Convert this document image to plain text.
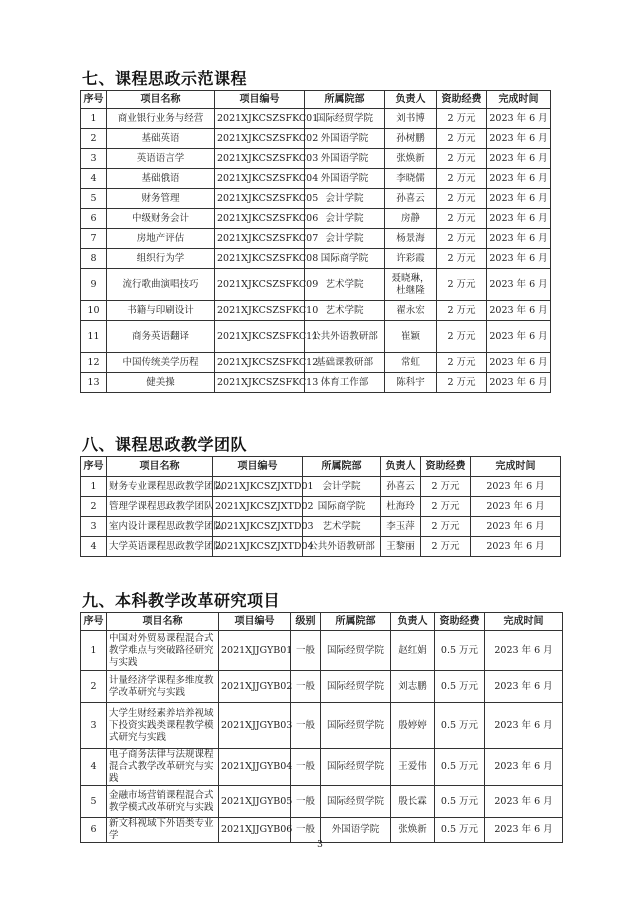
七、课程思政示范课程
序号	项目名称	项目编号	所属院部	负责人	资助经费	完成时间
1	商业银行业务与经营	2021XJKCSZSFKC01	国际经贸学院	刘书博	2 万元	2023 年 6 月
2	基础英语	2021XJKCSZSFKC02	外国语学院	孙树鹏	2 万元	2023 年 6 月
3	英语语言学	2021XJKCSZSFKC03	外国语学院	张焕新	2 万元	2023 年 6 月
4	基础俄语	2021XJKCSZSFKC04	外国语学院	李晓儒	2 万元	2023 年 6 月
5	财务管理	2021XJKCSZSFKC05	会计学院	孙喜云	2 万元	2023 年 6 月
6	中级财务会计	2021XJKCSZSFKC06	会计学院	房静	2 万元	2023 年 6 月
7	房地产评估	2021XJKCSZSFKC07	会计学院	杨景海	2 万元	2023 年 6 月
8	组织行为学	2021XJKCSZSFKC08	国际商学院	许彩霞	2 万元	2023 年 6 月
9	流行歌曲演唱技巧	2021XJKCSZSFKC09	艺术学院	聂晓琳，杜继隆	2 万元	2023 年 6 月
10	书籍与印刷设计	2021XJKCSZSFKC10	艺术学院	翟永宏	2 万元	2023 年 6 月
11	商务英语翻译	2021XJKCSZSFKC11	公共外语教研部	崔颖	2 万元	2023 年 6 月
12	中国传统美学历程	2021XJKCSZSFKC12	基础课教研部	常虹	2 万元	2023 年 6 月
13	健美操	2021XJKCSZSFKC13	体育工作部	陈科宇	2 万元	2023 年 6 月
八、课程思政教学团队
序号	项目名称	项目编号	所属院部	负责人	资助经费	完成时间
1	财务专业课程思政教学团队	2021XJKCSZJXTD01	会计学院	孙喜云	2 万元	2023 年 6 月
2	管理学课程思政教学团队	2021XJKCSZJXTD02	国际商学院	杜海玲	2 万元	2023 年 6 月
3	室内设计课程思政教学团队	2021XJKCSZJXTD03	艺术学院	李玉萍	2 万元	2023 年 6 月
4	大学英语课程思政教学团队	2021XJKCSZJXTD04	公共外语教研部	王黎丽	2 万元	2023 年 6 月
九、本科教学改革研究项目
序号	项目名称	项目编号	级别	所属院部	负责人	资助经费	完成时间
1	中国对外贸易课程混合式教学难点与突破路径研究与实践	2021XJJGYB01	一般	国际经贸学院	赵红娟	0.5 万元	2023 年 6 月
2	计量经济学课程多维度教学改革研究与实践	2021XJJGYB02	一般	国际经贸学院	刘志鹏	0.5 万元	2023 年 6 月
3	大学生财经素养培养视域下投资实践类课程教学模式研究与实践	2021XJJGYB03	一般	国际经贸学院	殷婷婷	0.5 万元	2023 年 6 月
4	电子商务法律与法规课程混合式教学改革研究与实践	2021XJJGYB04	一般	国际经贸学院	王爱伟	0.5 万元	2023 年 6 月
5	金融市场营销课程混合式教学模式改革研究与实践	2021XJJGYB05	一般	国际经贸学院	殷长霖	0.5 万元	2023 年 6 月
6	新文科视域下外语类专业学	2021XJJGYB06	一般	外国语学院	张焕新	0.5 万元	2023 年 6 月
3
